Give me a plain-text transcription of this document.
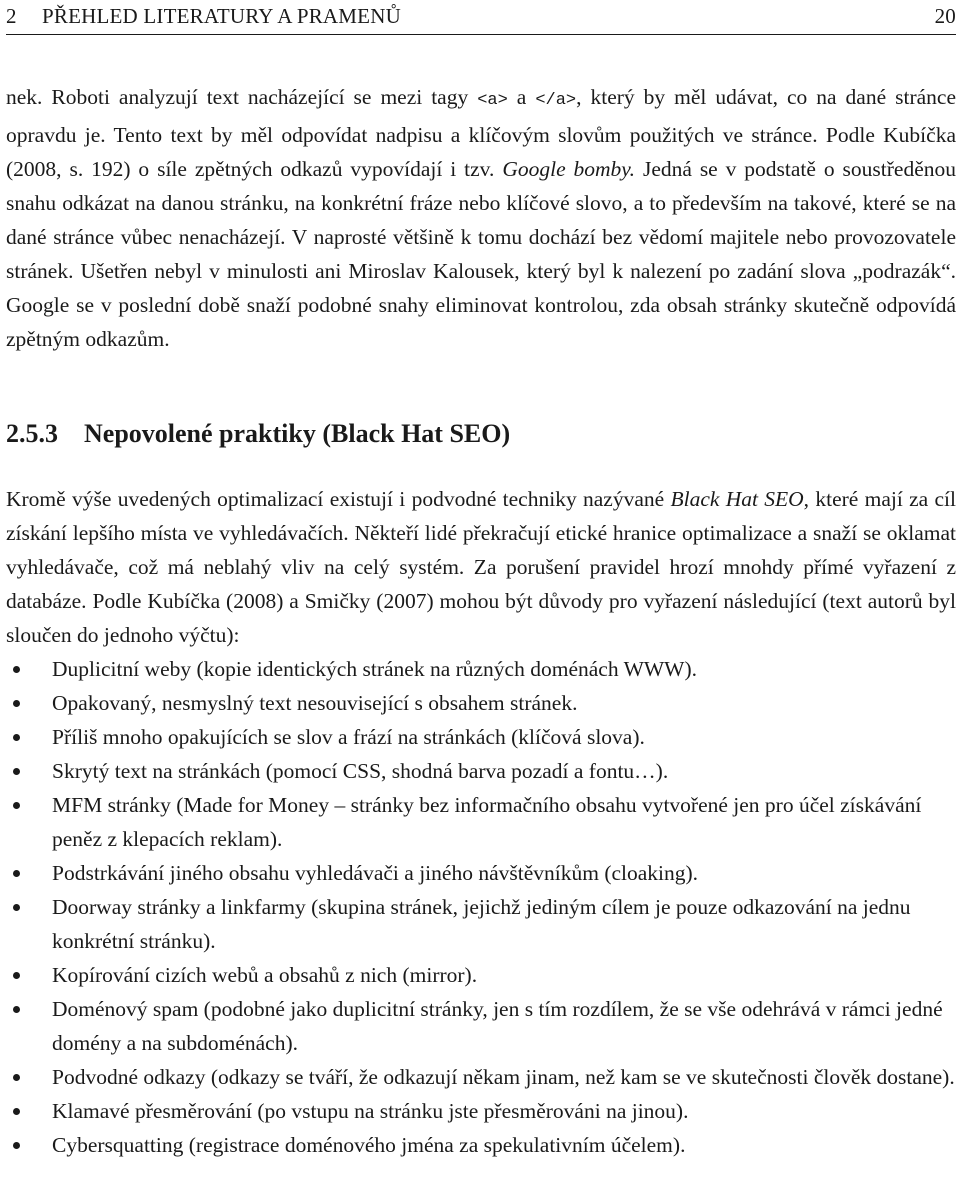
2 PŘEHLED LITERATURY A PRAMENŮ	20

nek. Roboti analyzují text nacházející se mezi tagy <a> a </a>, který by měl udávat, co na dané stránce opravdu je. Tento text by měl odpovídat nadpisu a klíčovým slovům použitých ve stránce. Podle Kubíčka (2008, s. 192) o síle zpětných odkazů vypovídají i tzv. Google bomby. Jedná se v podstatě o soustředěnou snahu odkázat na danou stránku, na konkrétní fráze nebo klíčové slovo, a to především na takové, které se na dané stránce vůbec nenacházejí. V naprosté většině k tomu dochází bez vědomí majitele nebo provozovatele stránek. Ušetřen nebyl v minulosti ani Miroslav Kalousek, který byl k nalezení po zadání slova „podrazák“. Google se v poslední době snaží podobné snahy eliminovat kontrolou, zda obsah stránky skutečně odpovídá zpětným odkazům.

2.5.3 Nepovolené praktiky (Black Hat SEO)

Kromě výše uvedených optimalizací existují i podvodné techniky nazývané Black Hat SEO, které mají za cíl získání lepšího místa ve vyhledávačích. Někteří lidé překračují etické hranice optimalizace a snaží se oklamat vyhledávače, což má neblahý vliv na celý systém. Za porušení pravidel hrozí mnohdy přímé vyřazení z databáze. Podle Kubíčka (2008) a Smičky (2007) mohou být důvody pro vyřazení následující (text autorů byl sloučen do jednoho výčtu):

Duplicitní weby (kopie identických stránek na různých doménách WWW).
Opakovaný, nesmyslný text nesouvisející s obsahem stránek.
Příliš mnoho opakujících se slov a frází na stránkách (klíčová slova).
Skrytý text na stránkách (pomocí CSS, shodná barva pozadí a fontu…).
MFM stránky (Made for Money – stránky bez informačního obsahu vytvořené jen pro účel získávání peněz z klepacích reklam).
Podstrkávání jiného obsahu vyhledávači a jiného návštěvníkům (cloaking).
Doorway stránky a linkfarmy (skupina stránek, jejichž jediným cílem je pouze odkazování na jednu konkrétní stránku).
Kopírování cizích webů a obsahů z nich (mirror).
Doménový spam (podobné jako duplicitní stránky, jen s tím rozdílem, že se vše odehrává v rámci jedné domény a na subdoménách).
Podvodné odkazy (odkazy se tváří, že odkazují někam jinam, než kam se ve skutečnosti člověk dostane).
Klamavé přesměrování (po vstupu na stránku jste přesměrováni na jinou).
Cybersquatting (registrace doménového jména za spekulativním účelem).
